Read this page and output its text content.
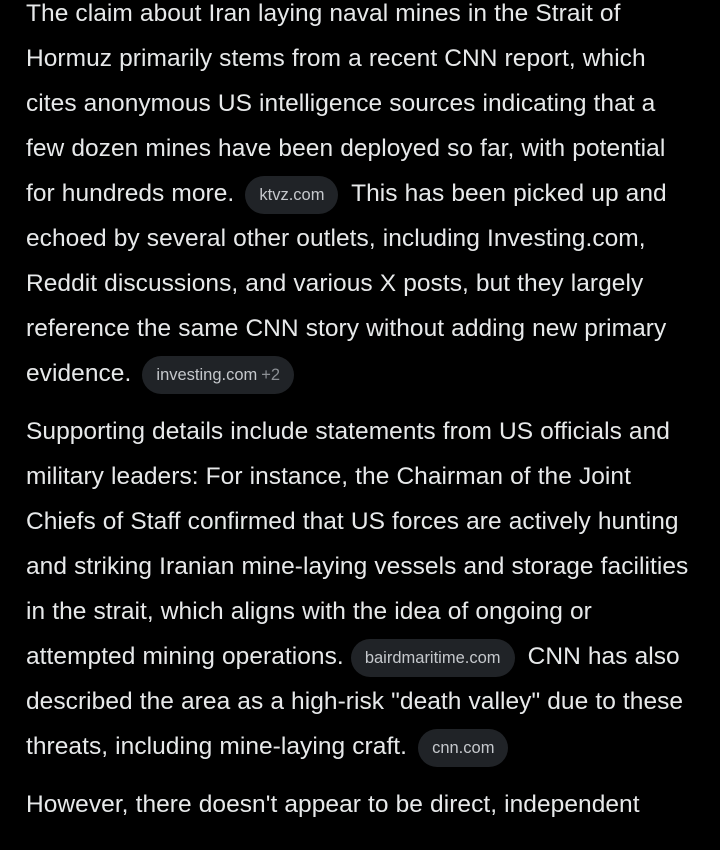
The claim about Iran laying naval mines in the Strait of Hormuz primarily stems from a recent CNN report, which cites anonymous US intelligence sources indicating that a few dozen mines have been deployed so far, with potential for hundreds more. ktvz.com This has been picked up and echoed by several other outlets, including Investing.com, Reddit discussions, and various X posts, but they largely reference the same CNN story without adding new primary evidence. investing.com +2

Supporting details include statements from US officials and military leaders: For instance, the Chairman of the Joint Chiefs of Staff confirmed that US forces are actively hunting and striking Iranian mine-laying vessels and storage facilities in the strait, which aligns with the idea of ongoing or attempted mining operations. bairdmaritime.com CNN has also described the area as a high-risk "death valley" due to these threats, including mine-laying craft. cnn.com

However, there doesn't appear to be direct, independent
